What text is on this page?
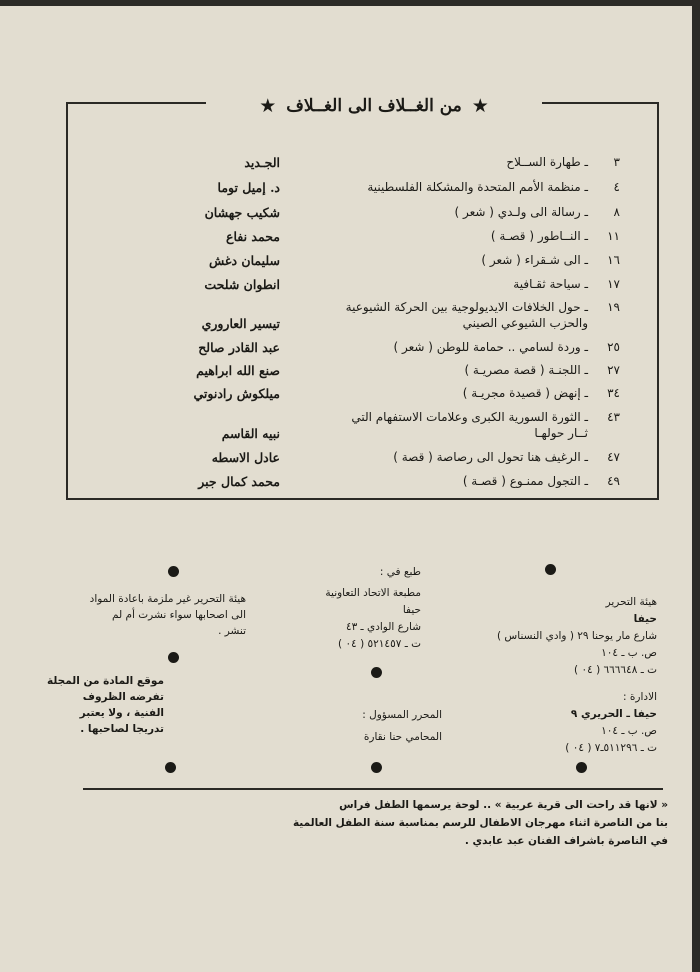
★
من الغــلاف الى الغــلاف
★
٣
ـ طهارة الســلاح
الجـديد
٤
ـ منظمة الأمم المتحدة والمشكلة الفلسطينية
د. إميل توما
٨
ـ رسالة الى ولـدي ( شعر )
شكيب جهشان
١١
ـ النــاطور ( قصـة )
محمد نفاع
١٦
ـ الى شـقراء ( شعر )
سليمان دغش
١٧
ـ سياحة ثقـافية
انطوان شلحت
١٩
ـ حول الخلافات الايديولوجية بين الحركة الشيوعية
والحزب الشيوعي الصيني
تيسير العاروري
٢٥
ـ وردة لسامي .. حمامة للوطن ( شعر )
عبد القادر صالح
٢٧
ـ اللجنـة ( قصة مصريـة )
صنع الله ابراهيم
٣٤
ـ إنهض ( قصيدة مجريـة )
ميلكوش رادنوتي
٤٣
ـ الثورة السورية الكبرى وعلامات الاستفهام التي
ثــار حولهـا
نبيه القاسم
٤٧
ـ الرغيف هنا تحول الى رصاصة ( قصة )
عادل الاسطه
٤٩
ـ التجول ممنـوع ( قصـة )
محمد كمال جبر
هيئة التحرير
حيفا
شارع مار يوحنا ٢٩ ( وادي النسناس )
ص. ب ـ ١٠٤
ت ـ ٦٦٦٦٤٨ ( ٠٤ )
الادارة :
حيفا ـ الحريري ٩
ص. ب ـ ١٠٤
ت ـ ٥١١٢٩٦ـ٧ ( ٠٤ )
طبع في :
مطبعة الاتحاد التعاونية
حيفا
شارع الوادي ـ ٤٣
ت ـ ٥٢١٤٥٧ ( ٠٤ )
المحرر المسؤول :
المحامي حنا نقارة
هيئة التحرير غير ملزمة باعادة المواد
الى اصحابها سواء نشرت أم لم
تنشر .
موقع المادة من المجلة
تفرضه الظروف
الفنية ، ولا يعتبر
تدريجا لصاحبها .
« لانها قد راحت الى قرية عربية » .. لوحة يرسمها الطفل فراس
بنا من الناصرة اثناء مهرجان الاطفال للرسم بمناسبة سنة الطفل العالمية
في الناصرة باشراف الفنان عبد عابدي .
